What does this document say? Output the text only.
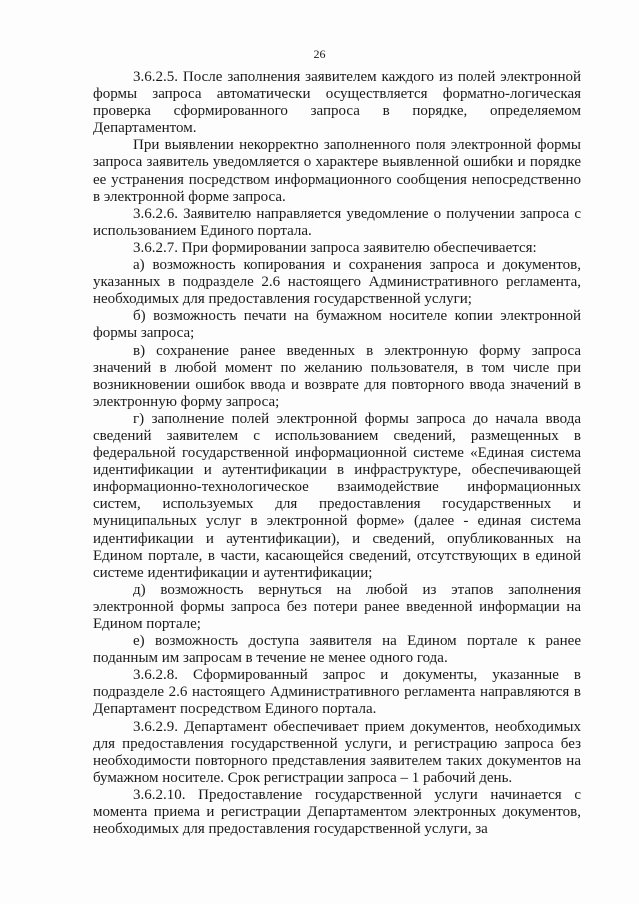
26

3.6.2.5. После заполнения заявителем каждого из полей электронной формы запроса автоматически осуществляется форматно-логическая проверка сформированного запроса в порядке, определяемом Департаментом.

При выявлении некорректно заполненного поля электронной формы запроса заявитель уведомляется о характере выявленной ошибки и порядке ее устранения посредством информационного сообщения непосредственно в электронной форме запроса.

3.6.2.6. Заявителю направляется уведомление о получении запроса с использованием Единого портала.

3.6.2.7. При формировании запроса заявителю обеспечивается:

а) возможность копирования и сохранения запроса и документов, указанных в подразделе 2.6 настоящего Административного регламента, необходимых для предоставления государственной услуги;

б) возможность печати на бумажном носителе копии электронной формы запроса;

в) сохранение ранее введенных в электронную форму запроса значений в любой момент по желанию пользователя, в том числе при возникновении ошибок ввода и возврате для повторного ввода значений в электронную форму запроса;

г) заполнение полей электронной формы запроса до начала ввода сведений заявителем с использованием сведений, размещенных в федеральной государственной информационной системе «Единая система идентификации и аутентификации в инфраструктуре, обеспечивающей информационно-технологическое взаимодействие информационных систем, используемых для предоставления государственных и муниципальных услуг в электронной форме» (далее - единая система идентификации и аутентификации), и сведений, опубликованных на Едином портале, в части, касающейся сведений, отсутствующих в единой системе идентификации и аутентификации;

д) возможность вернуться на любой из этапов заполнения электронной формы запроса без потери ранее введенной информации на Едином портале;

е) возможность доступа заявителя на Едином портале к ранее поданным им запросам в течение не менее одного года.

3.6.2.8. Сформированный запрос и документы, указанные в подразделе 2.6 настоящего Административного регламента направляются в Департамент посредством Единого портала.

3.6.2.9. Департамент обеспечивает прием документов, необходимых для предоставления государственной услуги, и регистрацию запроса без необходимости повторного представления заявителем таких документов на бумажном носителе. Срок регистрации запроса – 1 рабочий день.

3.6.2.10. Предоставление государственной услуги начинается с момента приема и регистрации Департаментом электронных документов, необходимых для предоставления государственной услуги, за
